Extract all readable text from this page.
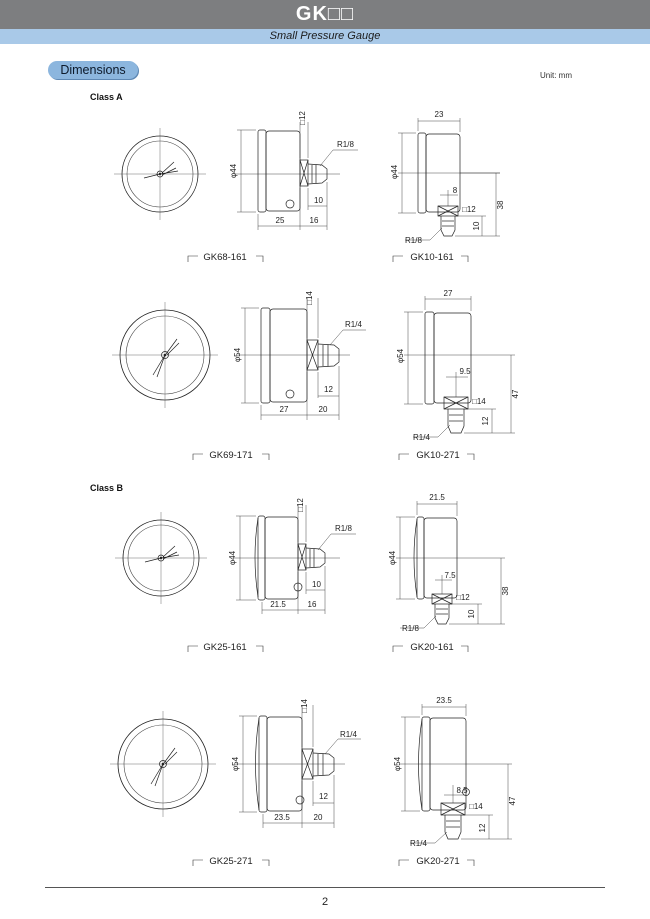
GK□□
Small Pressure Gauge
Dimensions	Unit: mm
Class A
Class B
φ44
□12
R1/8
10
25	16
GK68-161
23
φ44
8
□12	38
10
R1/8
GK10-161
φ54
□14
R1/4
12
27	20
GK69-171
27
φ54
9.5
□14
47
12
R1/4
GK10-271
φ44
□12
R1/8
10
21.5	16
GK25-161
21.5
φ44
7.5
□12
38
10
R1/8
GK20-161
φ54
□14
R1/4
12
23.5	20
GK25-271
23.5
φ54
8.5
□14
47
12
R1/4
GK20-271
2
